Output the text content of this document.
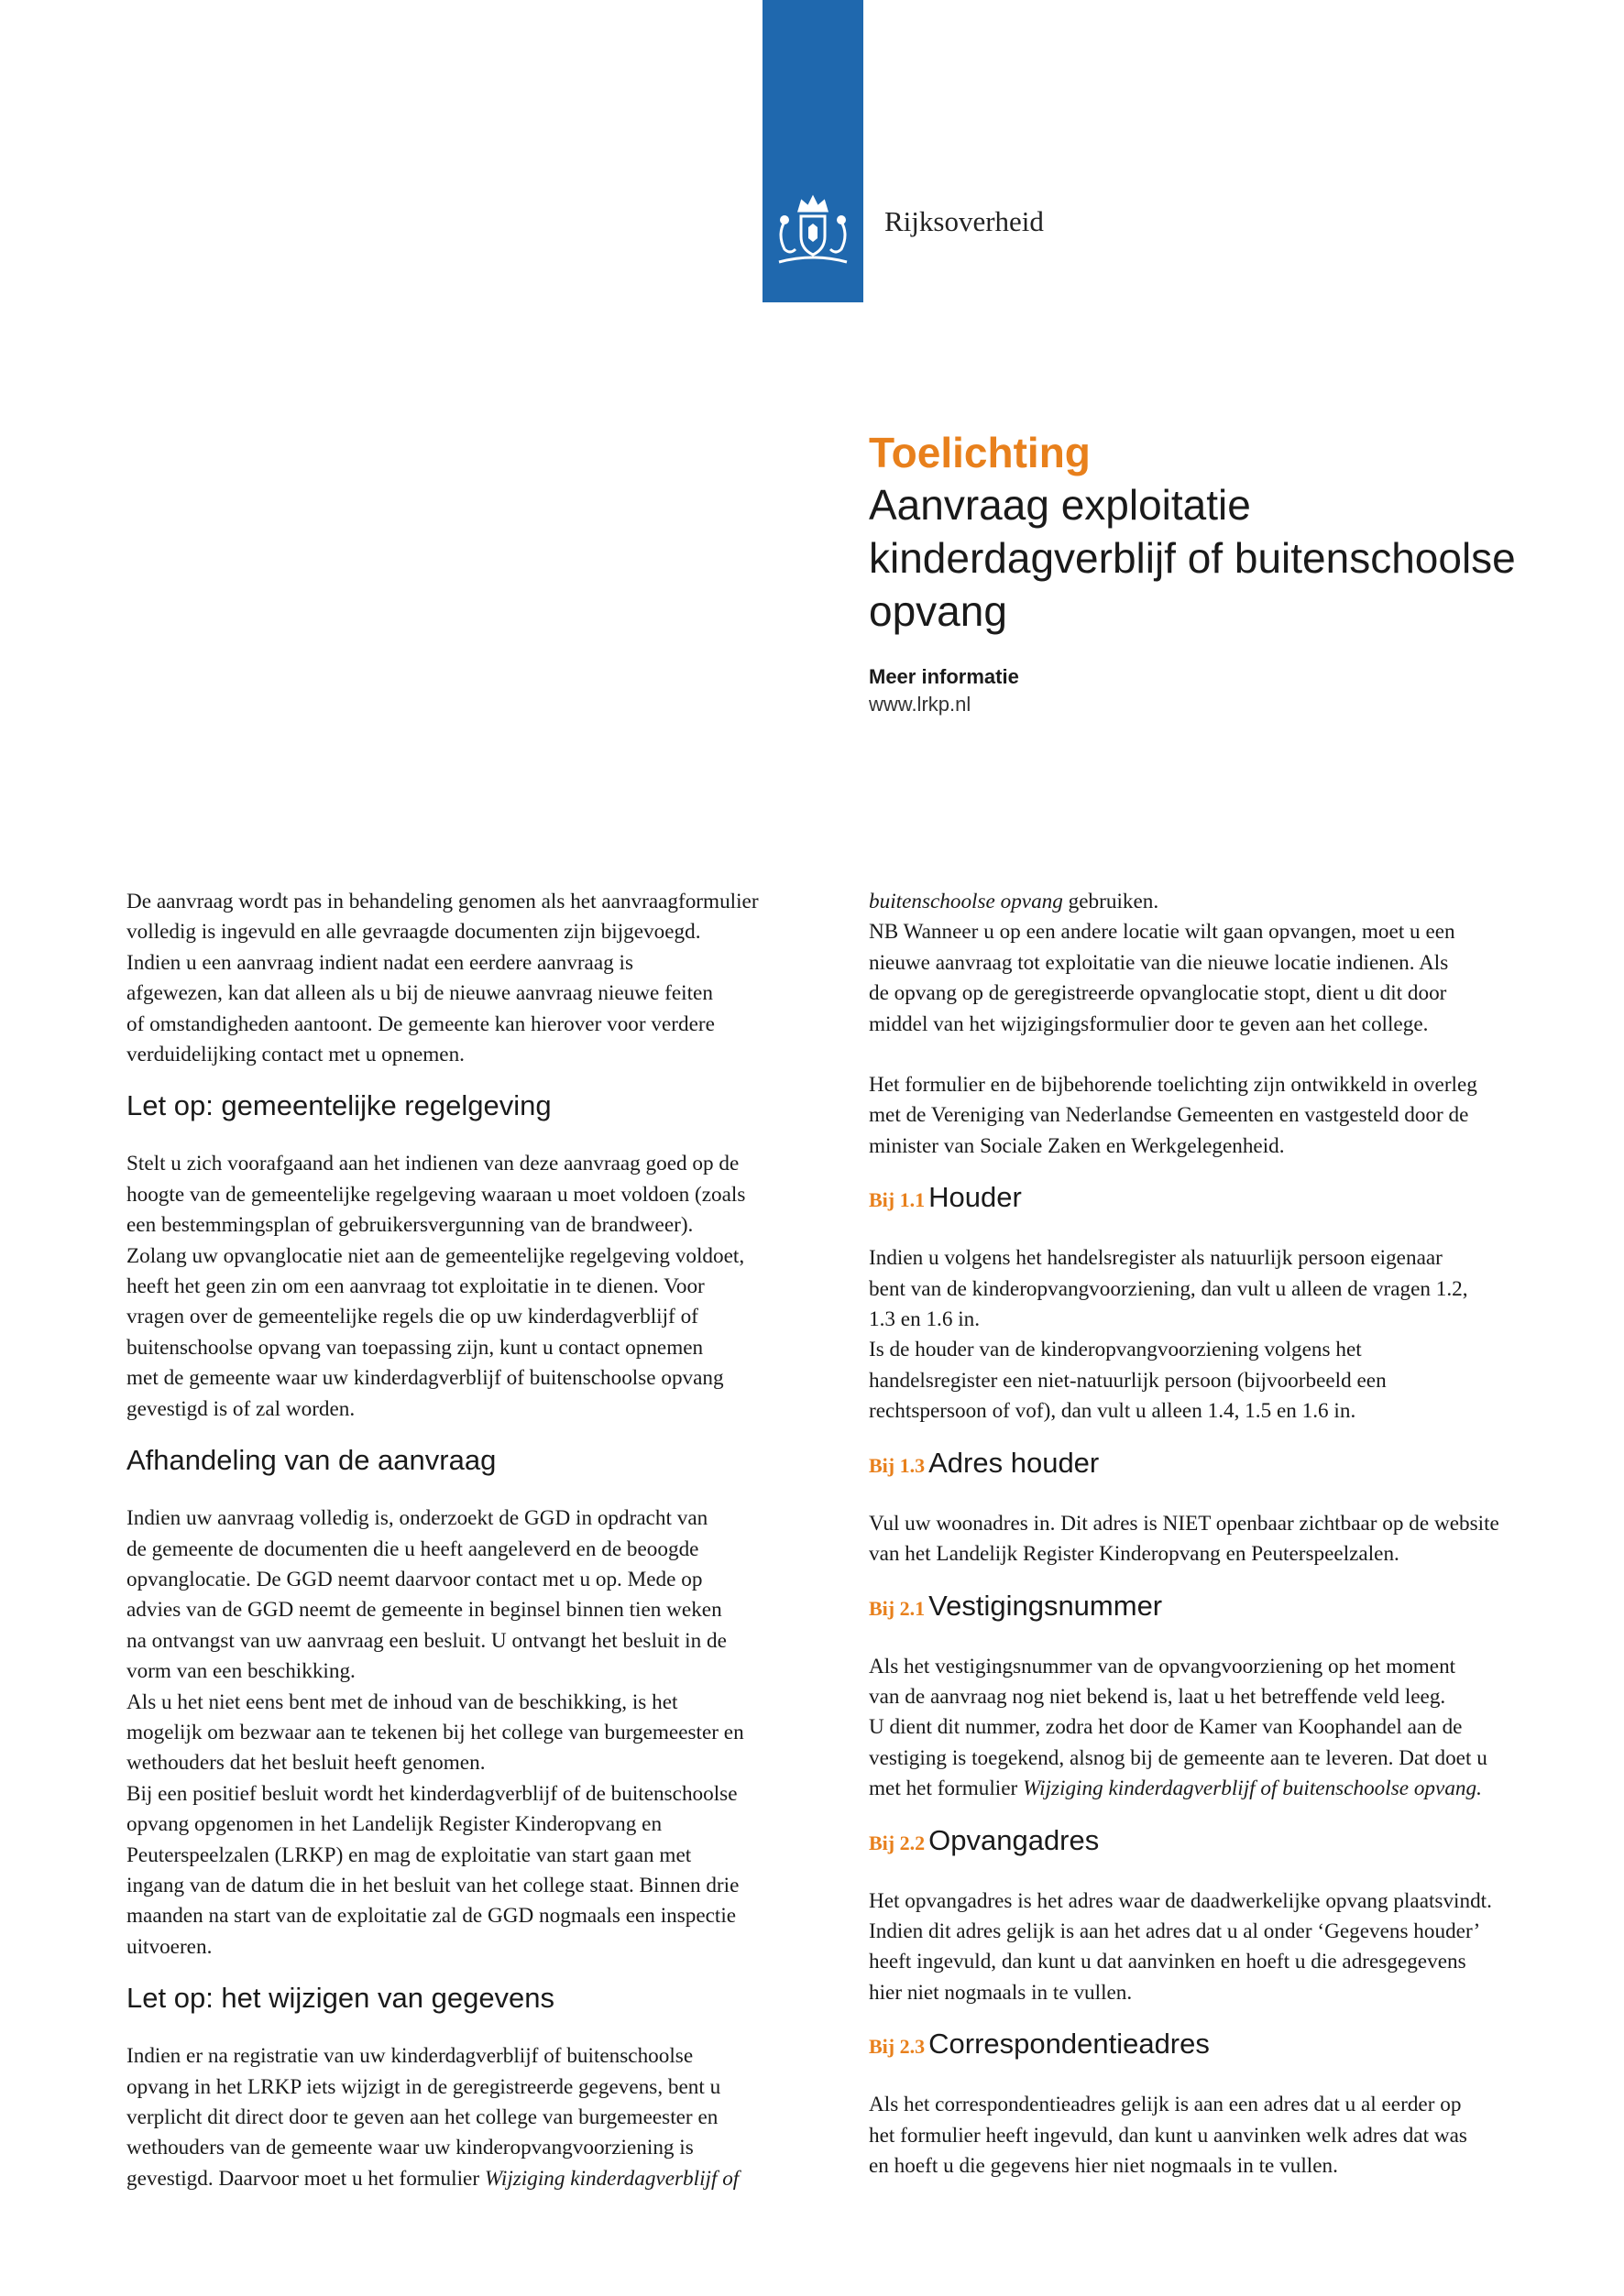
Rijksoverheid
Toelichting
Aanvraag exploitatie
kinderdagverblijf of buitenschoolse
opvang
Meer informatie
www.lrkp.nl

De aanvraag wordt pas in behandeling genomen als het aanvraagformulier
volledig is ingevuld en alle gevraagde documenten zijn bijgevoegd.
Indien u een aanvraag indient nadat een eerdere aanvraag is
afgewezen, kan dat alleen als u bij de nieuwe aanvraag nieuwe feiten
of omstandigheden aantoont. De gemeente kan hierover voor verdere
verduidelijking contact met u opnemen.

Let op: gemeentelijke regelgeving

Stelt u zich voorafgaand aan het indienen van deze aanvraag goed op de
hoogte van de gemeentelijke regelgeving waaraan u moet voldoen (zoals
een bestemmingsplan of gebruikersvergunning van de brandweer).
Zolang uw opvanglocatie niet aan de gemeentelijke regelgeving voldoet,
heeft het geen zin om een aanvraag tot exploitatie in te dienen. Voor
vragen over de gemeentelijke regels die op uw kinderdagverblijf of
buitenschoolse opvang van toepassing zijn, kunt u contact opnemen
met de gemeente waar uw kinderdagverblijf of buitenschoolse opvang
gevestigd is of zal worden.

Afhandeling van de aanvraag

Indien uw aanvraag volledig is, onderzoekt de GGD in opdracht van
de gemeente de documenten die u heeft aangeleverd en de beoogde
opvanglocatie. De GGD neemt daarvoor contact met u op. Mede op
advies van de GGD neemt de gemeente in beginsel binnen tien weken
na ontvangst van uw aanvraag een besluit. U ontvangt het besluit in de
vorm van een beschikking.
Als u het niet eens bent met de inhoud van de beschikking, is het
mogelijk om bezwaar aan te tekenen bij het college van burgemeester en
wethouders dat het besluit heeft genomen.
Bij een positief besluit wordt het kinderdagverblijf of de buitenschoolse
opvang opgenomen in het Landelijk Register Kinderopvang en
Peuterspeelzalen (LRKP) en mag de exploitatie van start gaan met
ingang van de datum die in het besluit van het college staat. Binnen drie
maanden na start van de exploitatie zal de GGD nogmaals een inspectie
uitvoeren.

Let op: het wijzigen van gegevens

Indien er na registratie van uw kinderdagverblijf of buitenschoolse
opvang in het LRKP iets wijzigt in de geregistreerde gegevens, bent u
verplicht dit direct door te geven aan het college van burgemeester en
wethouders van de gemeente waar uw kinderopvangvoorziening is
gevestigd. Daarvoor moet u het formulier Wijziging kinderdagverblijf of

buitenschoolse opvang gebruiken.

NB Wanneer u op een andere locatie wilt gaan opvangen, moet u een
nieuwe aanvraag tot exploitatie van die nieuwe locatie indienen. Als
de opvang op de geregistreerde opvanglocatie stopt, dient u dit door
middel van het wijzigingsformulier door te geven aan het college.

Het formulier en de bijbehorende toelichting zijn ontwikkeld in overleg
met de Vereniging van Nederlandse Gemeenten en vastgesteld door de
minister van Sociale Zaken en Werkgelegenheid.

Bij 1.1 Houder

Indien u volgens het handelsregister als natuurlijk persoon eigenaar
bent van de kinderopvangvoorziening, dan vult u alleen de vragen 1.2,
1.3 en 1.6 in.
Is de houder van de kinderopvangvoorziening volgens het
handelsregister een niet-natuurlijk persoon (bijvoorbeeld een
rechtspersoon of vof), dan vult u alleen 1.4, 1.5 en 1.6 in.

Bij 1.3 Adres houder

Vul uw woonadres in. Dit adres is NIET openbaar zichtbaar op de website
van het Landelijk Register Kinderopvang en Peuterspeelzalen.

Bij 2.1 Vestigingsnummer

Als het vestigingsnummer van de opvangvoorziening op het moment
van de aanvraag nog niet bekend is, laat u het betreffende veld leeg.
U dient dit nummer, zodra het door de Kamer van Koophandel aan de
vestiging is toegekend, alsnog bij de gemeente aan te leveren. Dat doet u
met het formulier Wijziging kinderdagverblijf of buitenschoolse opvang.

Bij 2.2 Opvangadres

Het opvangadres is het adres waar de daadwerkelijke opvang plaatsvindt.
Indien dit adres gelijk is aan het adres dat u al onder ‘Gegevens houder’
heeft ingevuld, dan kunt u dat aanvinken en hoeft u die adresgegevens
hier niet nogmaals in te vullen.

Bij 2.3 Correspondentieadres

Als het correspondentieadres gelijk is aan een adres dat u al eerder op
het formulier heeft ingevuld, dan kunt u aanvinken welk adres dat was
en hoeft u die gegevens hier niet nogmaals in te vullen.
